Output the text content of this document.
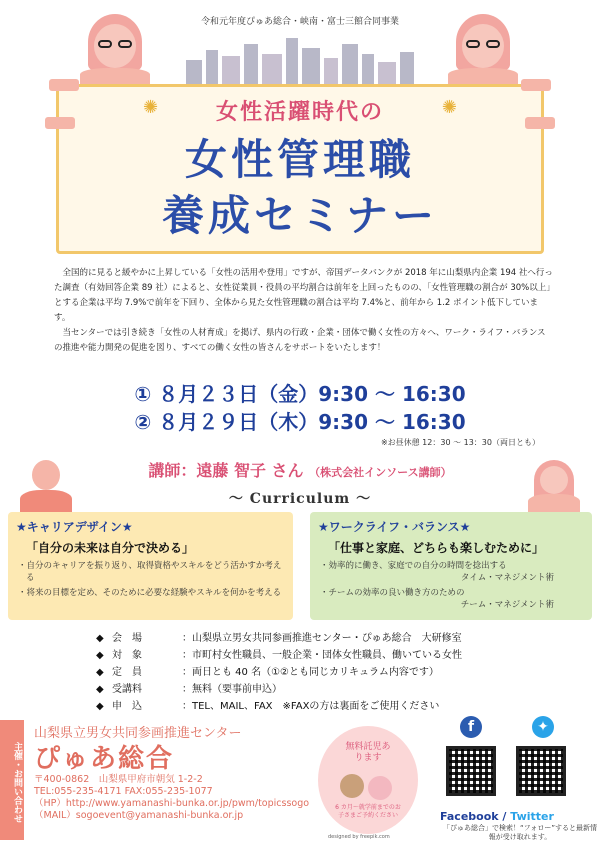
令和元年度ぴゅあ総合・峡南・富士三館合同事業
✺	✺
女性活躍時代の
女性管理職
養成セミナー

全国的に見ると緩やかに上昇している「女性の活用や登用」ですが、帝国データバンクが 2018 年に山梨県内企業 194 社へ行った調査（有効回答企業 89 社）によると、女性従業員・役員の平均割合は前年を上回ったものの、「女性管理職の割合が 30%以上」とする企業は平均 7.9%で前年を下回り、全体から見た女性管理職の割合は平均 7.4%と、前年から 1.2 ポイント低下しています。

当センターでは引き続き「女性の人材育成」を掲げ、県内の行政・企業・団体で働く女性の方々へ、ワーク・ライフ・バランスの推進や能力開発の促進を図り、すべての働く女性の皆さんをサポートをいたします！

① ８月２３日（金）9:30 ～ 16:30
② ８月２９日（木）9:30 ～ 16:30
※お昼休憩 12：30 ～ 13：30（両日とも）
講師：遠藤 智子 さん （株式会社インソース講師）
～ Curriculum ～
★キャリアデザイン★
「自分の未来は自分で決める」
・自分のキャリアを振り返り、取得資格やスキルをどう活かすか考える
・将来の目標を定め、そのために必要な経験やスキルを何かを考える
★ワークライフ・バランス★
「仕事と家庭、どちらも楽しむために」
・効率的に働き、家庭での自分の時間を捻出する
タイム・マネジメント術
・チームの効率の良い働き方のための
チーム・マネジメント術
◆ 会　場	：山梨県立男女共同参画推進センター・ぴゅあ総合　大研修室
◆ 対　象	：市町村女性職員、一般企業・団体女性職員、働いている女性
◆ 定　員	：両日とも 40 名（①②とも同じカリキュラム内容です）
◆ 受講料	：無料（要事前申込）
◆ 申　込	：TEL、MAIL、FAX　※FAXの方は裏面をご使用ください
主催・お問い合わせ
山梨県立男女共同参画推進センター
ぴゅあ総合
〒400-0862　山梨県甲府市朝気 1-2-2
TEL:055-235-4171 FAX:055-235-1077
（HP）http://www.yamanashi-bunka.or.jp/pwm/topicssogo
（MAIL）sogoevent@yamanashi-bunka.or.jp
無料託児あります
6 カ月～就学前までのお子さまご予約ください
designed by freepik.com
f	✦
Facebook / Twitter
「ぴゅあ総合」で検索！“フォロー”すると最新情報が受け取れます。
